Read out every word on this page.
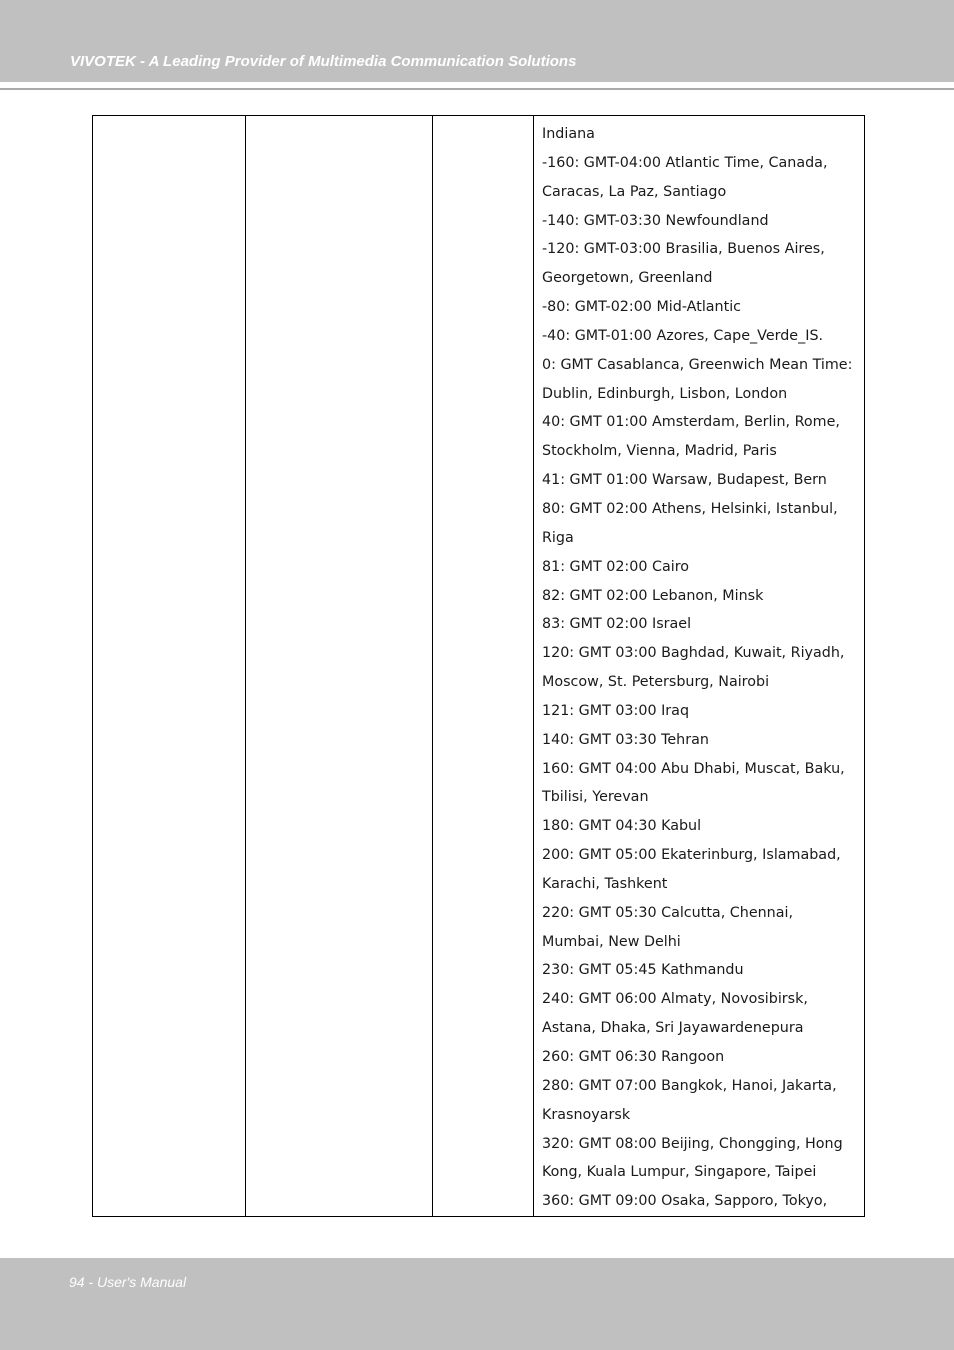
VIVOTEK - A Leading Provider of Multimedia Communication Solutions

Indiana
-160: GMT-04:00 Atlantic Time, Canada,
Caracas, La Paz, Santiago
-140: GMT-03:30 Newfoundland
-120: GMT-03:00 Brasilia, Buenos Aires,
Georgetown, Greenland
-80: GMT-02:00 Mid-Atlantic
-40: GMT-01:00 Azores, Cape_Verde_IS.
0: GMT Casablanca, Greenwich Mean Time:
Dublin, Edinburgh, Lisbon, London
40: GMT 01:00 Amsterdam, Berlin, Rome,
Stockholm, Vienna, Madrid, Paris
41: GMT 01:00 Warsaw, Budapest, Bern
80: GMT 02:00 Athens, Helsinki, Istanbul,
Riga
81: GMT 02:00 Cairo
82: GMT 02:00 Lebanon, Minsk
83: GMT 02:00 Israel
120: GMT 03:00 Baghdad, Kuwait, Riyadh,
Moscow, St. Petersburg, Nairobi
121: GMT 03:00 Iraq
140: GMT 03:30 Tehran
160: GMT 04:00 Abu Dhabi, Muscat, Baku,
Tbilisi, Yerevan
180: GMT 04:30 Kabul
200: GMT 05:00 Ekaterinburg, Islamabad,
Karachi, Tashkent
220: GMT 05:30 Calcutta, Chennai,
Mumbai, New Delhi
230: GMT 05:45 Kathmandu
240: GMT 06:00 Almaty, Novosibirsk,
Astana, Dhaka, Sri Jayawardenepura
260: GMT 06:30 Rangoon
280: GMT 07:00 Bangkok, Hanoi, Jakarta,
Krasnoyarsk
320: GMT 08:00 Beijing, Chongging, Hong
Kong, Kuala Lumpur, Singapore, Taipei
360: GMT 09:00 Osaka, Sapporo, Tokyo,
94 - User's Manual
